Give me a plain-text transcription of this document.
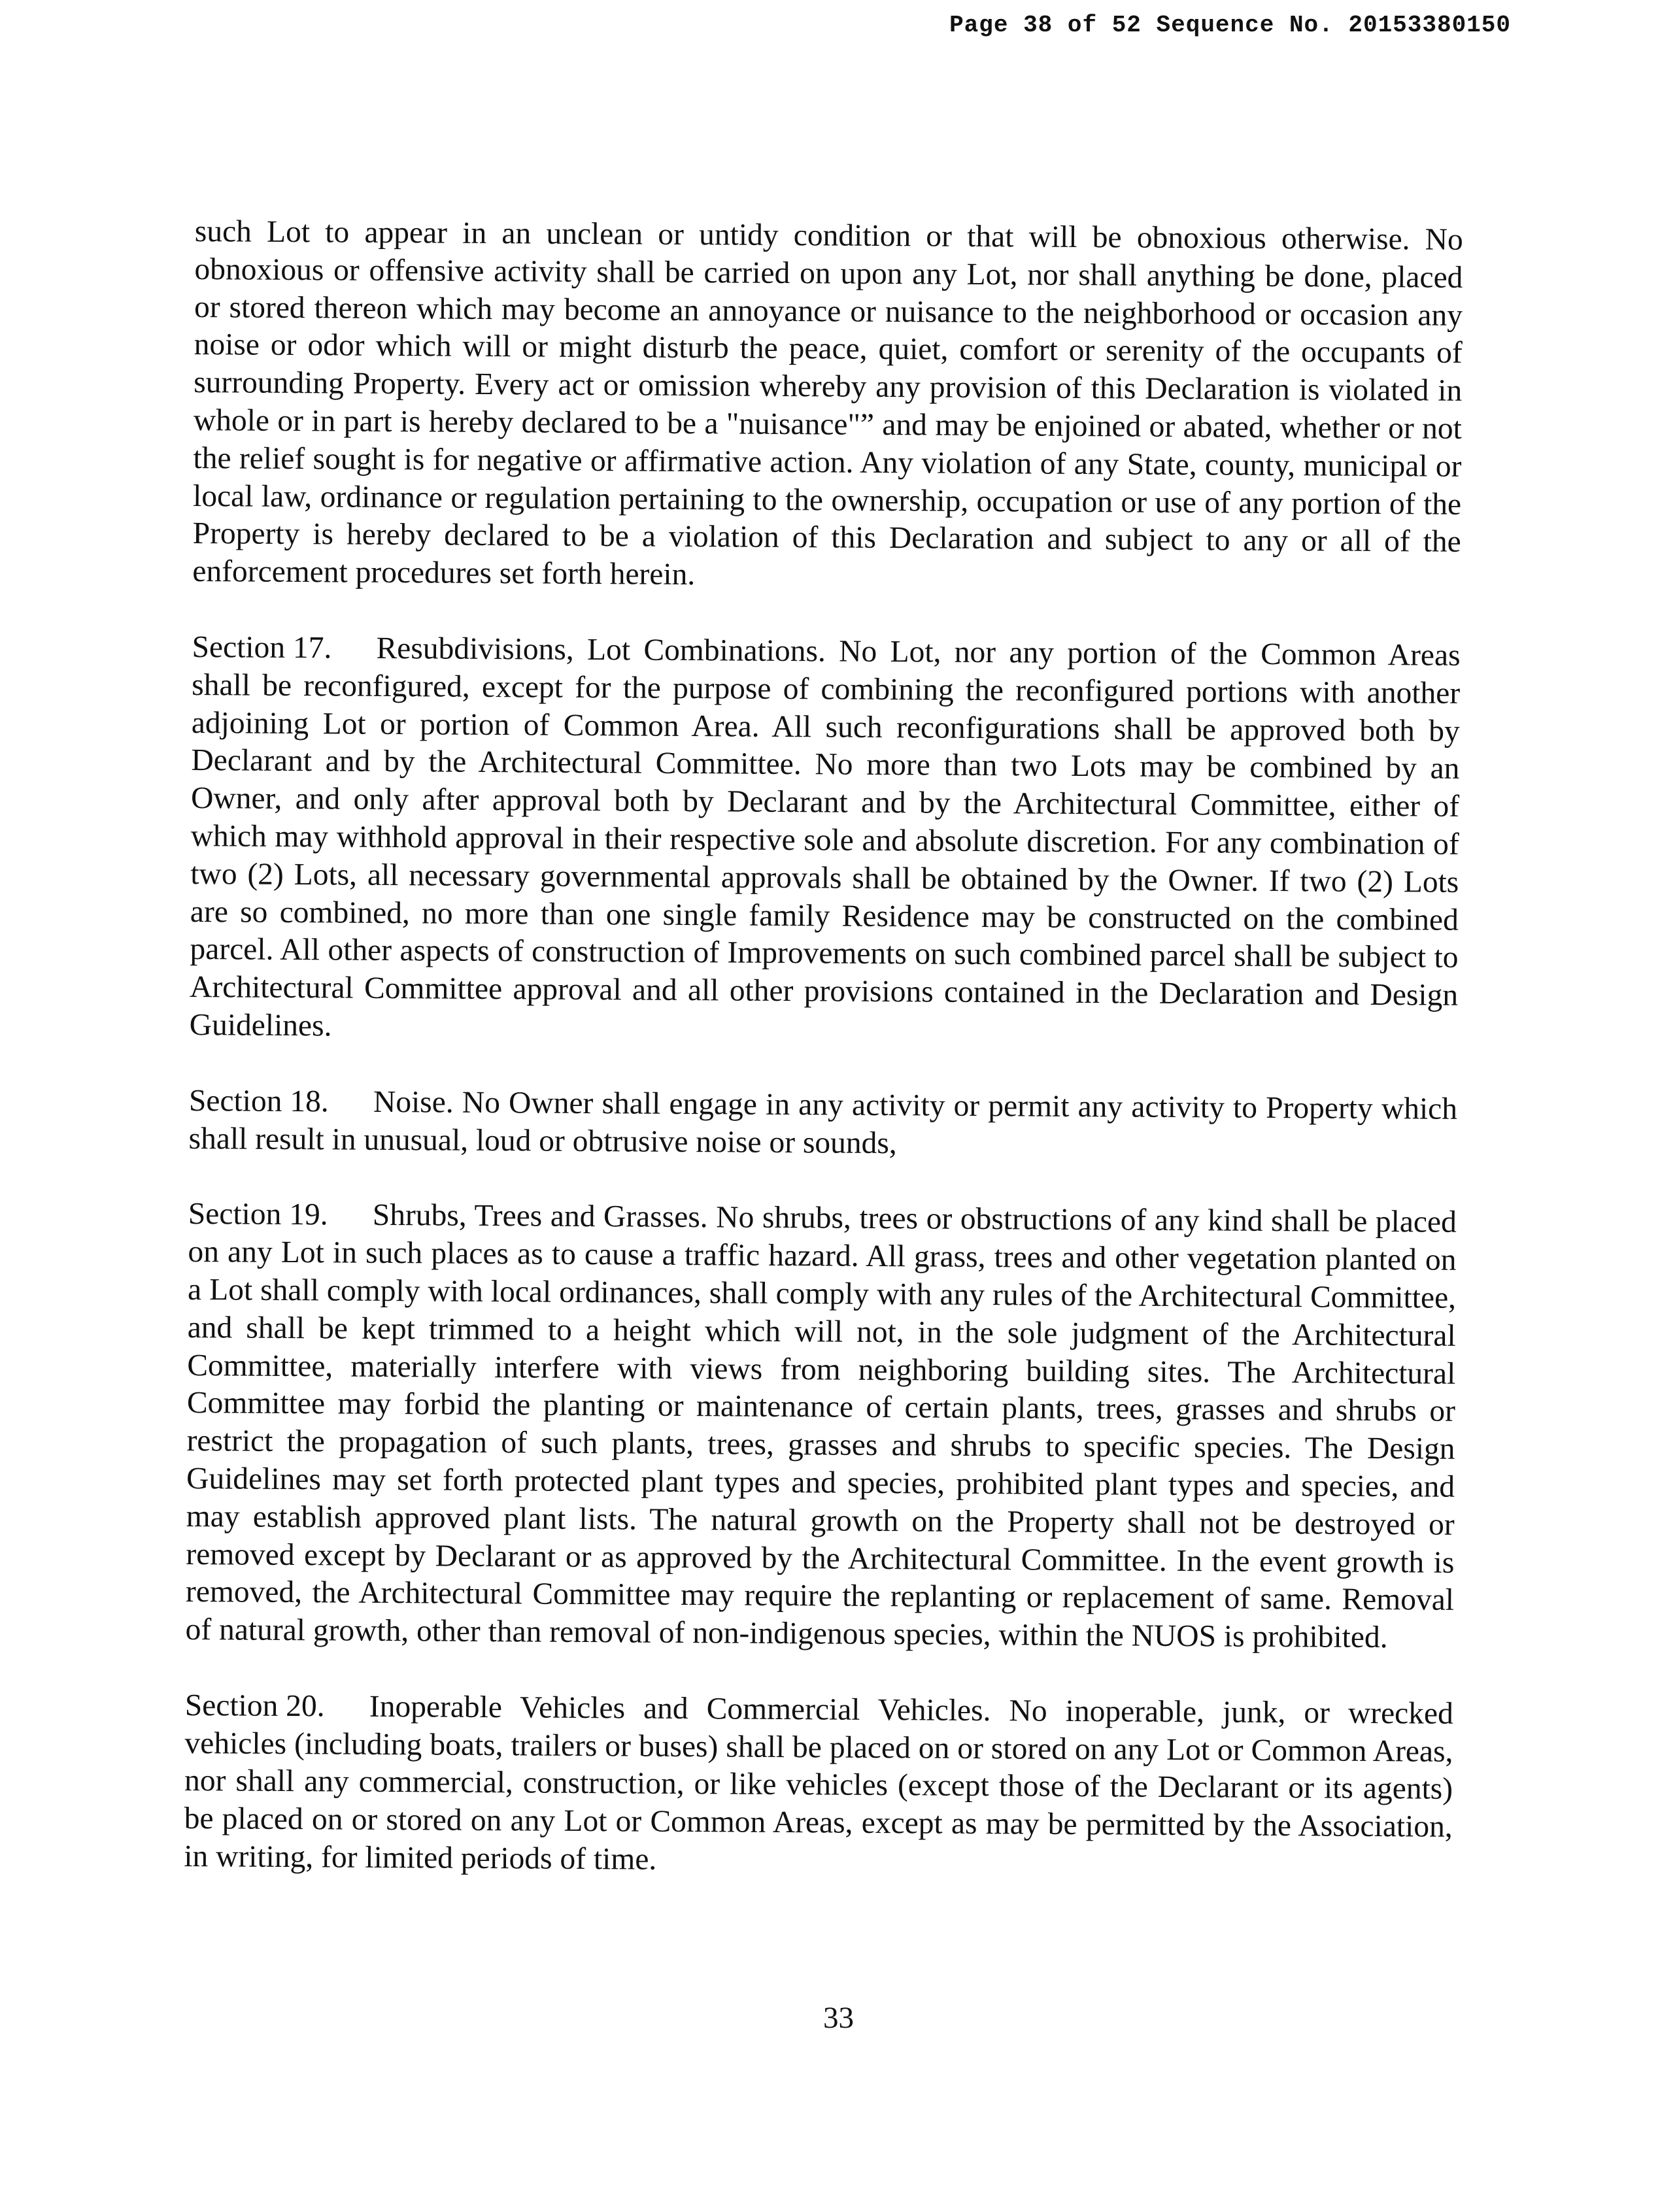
Page 38 of 52 Sequence No. 20153380150

such Lot to appear in an unclean or untidy condition or that will be obnoxious otherwise. No obnoxious or offensive activity shall be carried on upon any Lot, nor shall anything be done, placed or stored thereon which may become an annoyance or nuisance to the neighborhood or occasion any noise or odor which will or might disturb the peace, quiet, comfort or serenity of the occupants of surrounding Property. Every act or omission whereby any provision of this Declaration is violated in whole or in part is hereby declared to be a "nuisance"” and may be enjoined or abated, whether or not the relief sought is for negative or affirmative action. Any violation of any State, county, municipal or local law, ordinance or regulation pertaining to the ownership, occupation or use of any portion of the Property is hereby declared to be a violation of this Declaration and subject to any or all of the enforcement procedures set forth herein.

Section 17. Resubdivisions, Lot Combinations. No Lot, nor any portion of the Common Areas shall be reconfigured, except for the purpose of combining the reconfigured portions with another adjoining Lot or portion of Common Area. All such reconfigurations shall be approved both by Declarant and by the Architectural Committee. No more than two Lots may be combined by an Owner, and only after approval both by Declarant and by the Architectural Committee, either of which may withhold approval in their respective sole and absolute discretion. For any combination of two (2) Lots, all necessary governmental approvals shall be obtained by the Owner. If two (2) Lots are so combined, no more than one single family Residence may be constructed on the combined parcel. All other aspects of construction of Improvements on such combined parcel shall be subject to Architectural Committee approval and all other provisions contained in the Declaration and Design Guidelines.

Section 18. Noise. No Owner shall engage in any activity or permit any activity to Property which shall result in unusual, loud or obtrusive noise or sounds,

Section 19. Shrubs, Trees and Grasses. No shrubs, trees or obstructions of any kind shall be placed on any Lot in such places as to cause a traffic hazard. All grass, trees and other vegetation planted on a Lot shall comply with local ordinances, shall comply with any rules of the Architectural Committee, and shall be kept trimmed to a height which will not, in the sole judgment of the Architectural Committee, materially interfere with views from neighboring building sites. The Architectural Committee may forbid the planting or maintenance of certain plants, trees, grasses and shrubs or restrict the propagation of such plants, trees, grasses and shrubs to specific species. The Design Guidelines may set forth protected plant types and species, prohibited plant types and species, and may establish approved plant lists. The natural growth on the Property shall not be destroyed or removed except by Declarant or as approved by the Architectural Committee. In the event growth is removed, the Architectural Committee may require the replanting or replacement of same. Removal of natural growth, other than removal of non-indigenous species, within the NUOS is prohibited.

Section 20. Inoperable Vehicles and Commercial Vehicles. No inoperable, junk, or wrecked vehicles (including boats, trailers or buses) shall be placed on or stored on any Lot or Common Areas, nor shall any commercial, construction, or like vehicles (except those of the Declarant or its agents) be placed on or stored on any Lot or Common Areas, except as may be permitted by the Association, in writing, for limited periods of time.

33
